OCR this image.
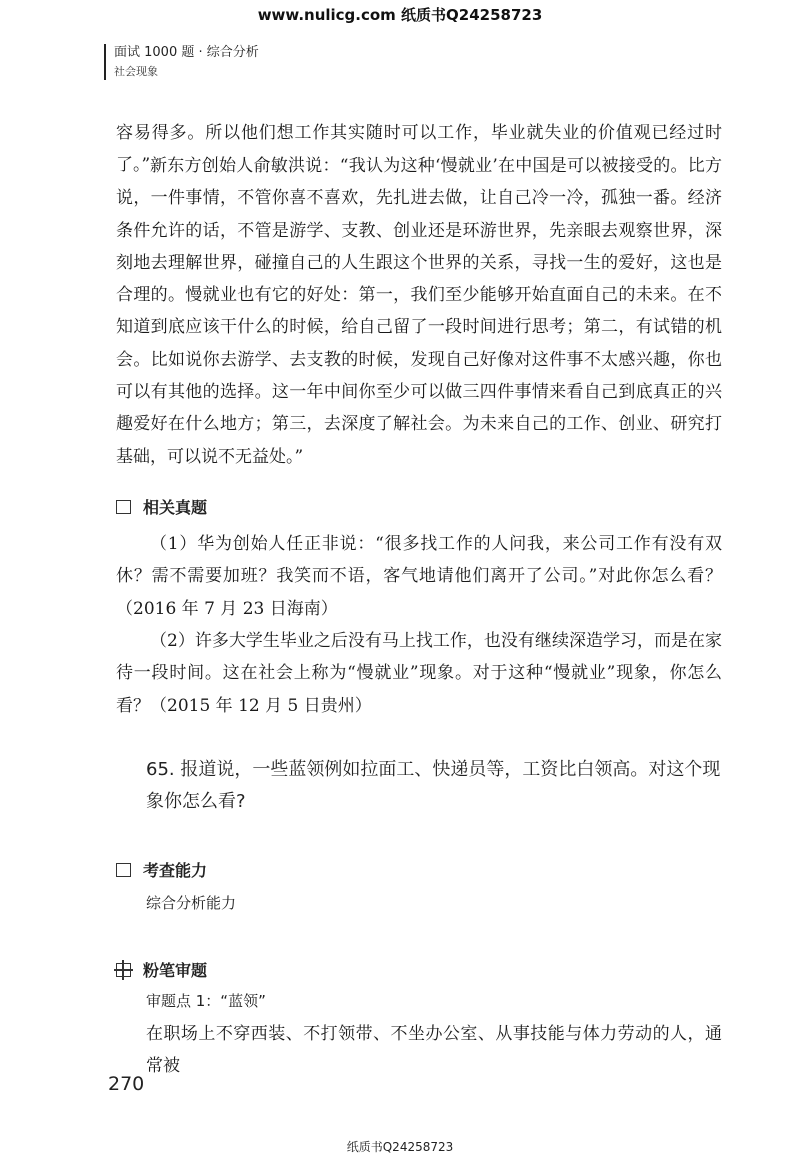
www.nulicg.com 纸质书Q24258723
面试 1000 题 · 综合分析
社会现象
容易得多。所以他们想工作其实随时可以工作，毕业就失业的价值观已经过时了。” 新东方创始人俞敏洪说：“我认为这种‘慢就业’在中国是可以被接受的。比方说，一件事情，不管你喜不喜欢，先扎进去做，让自己冷一冷，孤独一番。经济条件允许的话，不管是游学、支教、创业还是环游世界，先亲眼去观察世界，深刻地去理解世界，碰撞自己的人生跟这个世界的关系，寻找一生的爱好，这也是合理的。慢就业也有它的好处：第一，我们至少能够开始直面自己的未来。在不知道到底应该干什么的时候，给自己留了一段时间进行思考；第二，有试错的机会。比如说你去游学、去支教的时候，发现自己好像对这件事不太感兴趣，你也可以有其他的选择。这一年中间你至少可以做三四件事情来看自己到底真正的兴趣爱好在什么地方；第三，去深度了解社会。为未来自己的工作、创业、研究打基础，可以说不无益处。”
相关真题
（1）华为创始人任正非说：“很多找工作的人问我，来公司工作有没有双休？需不需要加班？我笑而不语，客气地请他们离开了公司。”对此你怎么看？（2016 年 7 月 23 日海南）
（2）许多大学生毕业之后没有马上找工作，也没有继续深造学习，而是在家待一段时间。这在社会上称为“慢就业”现象。对于这种“慢就业”现象，你怎么看？（2015 年 12 月 5 日贵州）
65. 报道说，一些蓝领例如拉面工、快递员等，工资比白领高。对这个现象你怎么看?
考查能力
综合分析能力
粉笔审题
审题点 1：“蓝领”
在职场上不穿西装、不打领带、不坐办公室、从事技能与体力劳动的人，通常被
270
纸质书Q24258723
